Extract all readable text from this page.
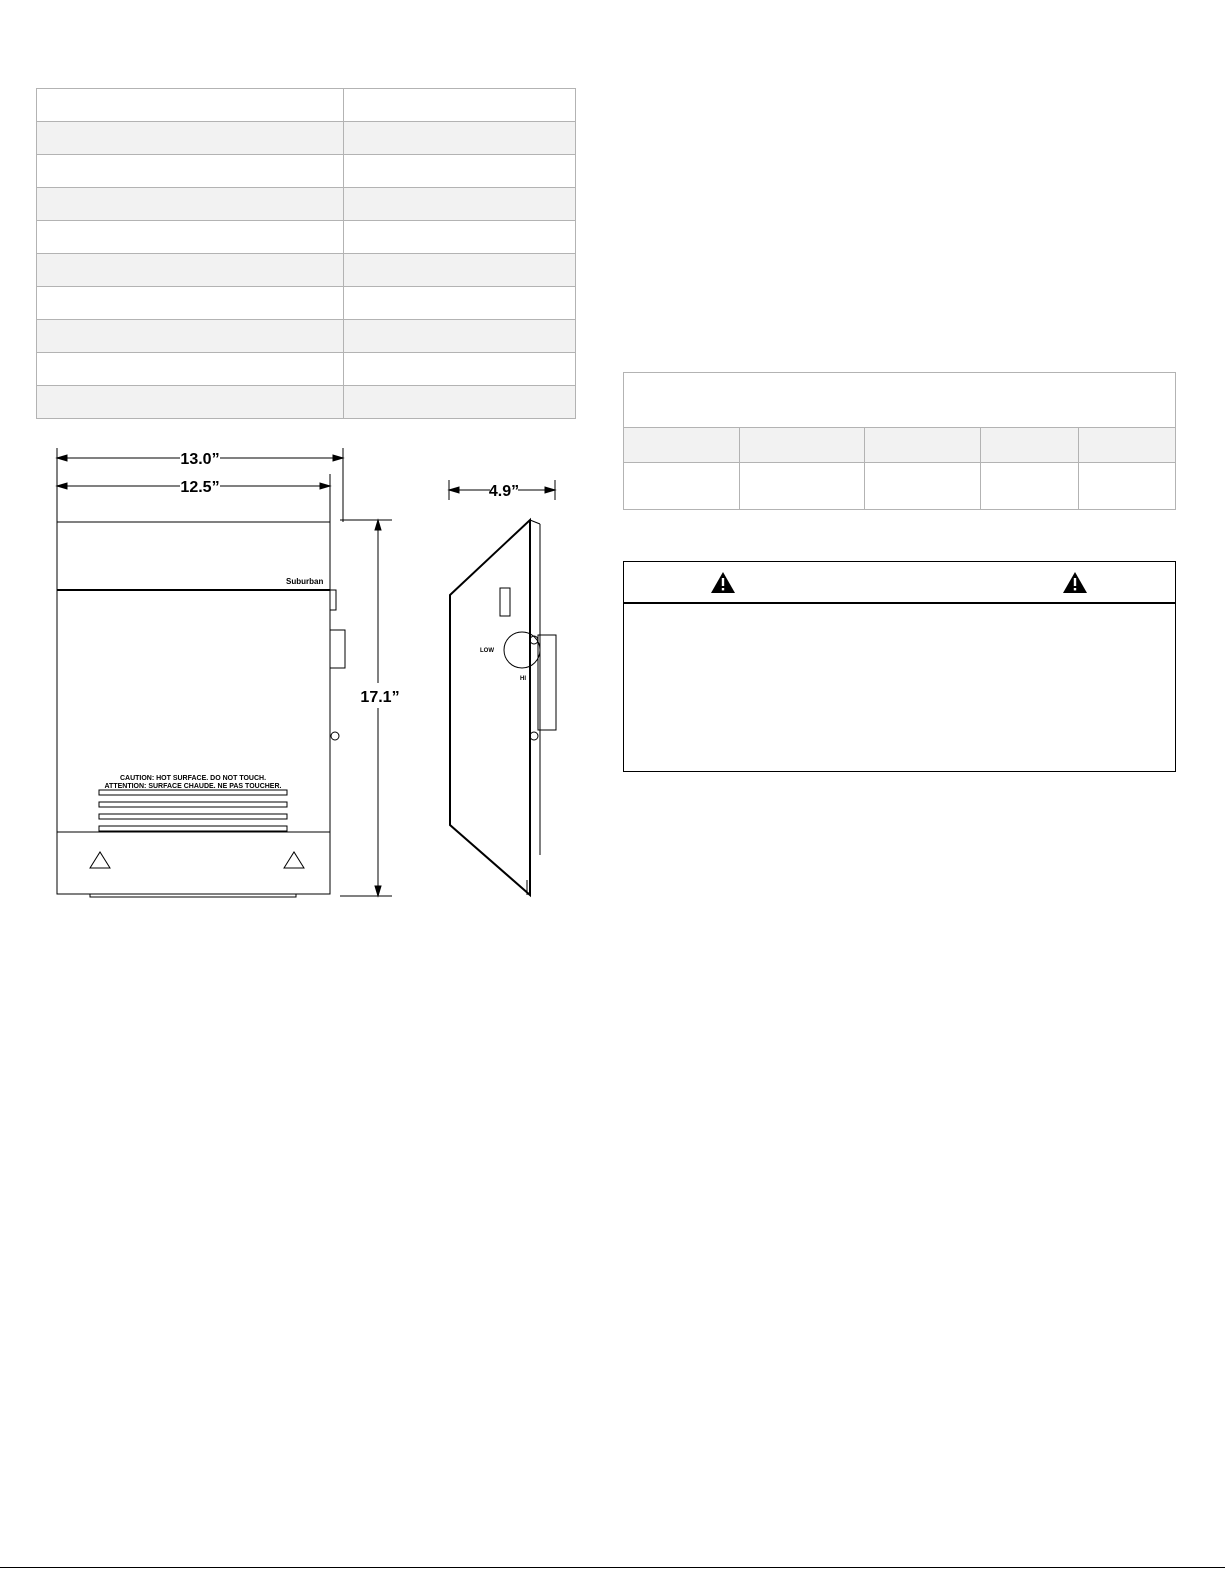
13.0”
12.5”
17.1”
4.9”
Suburban
CAUTION: HOT SURFACE. DO NOT TOUCH.
ATTENTION: SURFACE CHAUDE. NE PAS TOUCHER.
LOW
HI
